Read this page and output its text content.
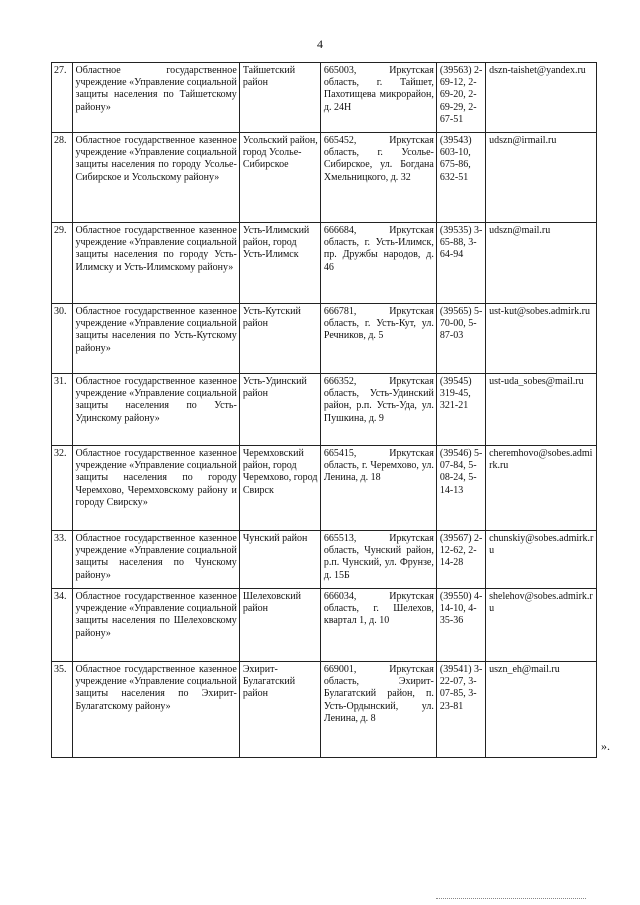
4
27.	Областное государственное учреждение «Управление социальной защиты населения по Тайшетскому району»	Тайшетский район	665003, Иркутская область, г. Тайшет, Пахотищева микрорайон, д. 24Н	(39563) 2-69-12, 2-69-20, 2-69-29, 2-67-51	dszn-taishet@yandex.ru
28.	Областное государственное казенное учреждение «Управление социальной защиты населения по городу Усолье-Сибирское и Усольскому району»	Усольский район, город Усолье-Сибирское	665452, Иркутская область, г. Усолье-Сибирское, ул. Богдана Хмельницкого, д. 32	(39543) 603-10, 675-86, 632-51	udszn@irmail.ru
29.	Областное государственное казенное учреждение «Управление социальной защиты населения по городу Усть-Илимску и Усть-Илимскому району»	Усть-Илимский район, город Усть-Илимск	666684, Иркутская область, г. Усть-Илимск, пр. Дружбы народов, д. 46	(39535) 3-65-88, 3-64-94	udszn@mail.ru
30.	Областное государственное казенное учреждение «Управление социальной защиты населения по Усть-Кутскому району»	Усть-Кутский район	666781, Иркутская область, г. Усть-Кут, ул. Речников, д. 5	(39565) 5-70-00, 5-87-03	ust-kut@sobes.admirk.ru
31.	Областное государственное казенное учреждение «Управление социальной защиты населения по Усть-Удинскому району»	Усть-Удинский район	666352, Иркутская область, Усть-Удинский район, р.п. Усть-Уда, ул. Пушкина, д. 9	(39545) 319-45, 321-21	ust-uda_sobes@mail.ru
32.	Областное государственное казенное учреждение «Управление социальной защиты населения по городу Черемхово, Черемховскому району и городу Свирску»	Черемховский район, город Черемхово, город Свирск	665415, Иркутская область, г. Черемхово, ул. Ленина, д. 18	(39546) 5-07-84, 5-08-24, 5-14-13	cheremhovo@sobes.admirk.ru
33.	Областное государственное казенное учреждение «Управление социальной защиты населения по Чунскому району»	Чунский район	665513, Иркутская область, Чунский район, р.п. Чунский, ул. Фрунзе, д. 15Б	(39567) 2-12-62, 2-14-28	chunskiy@sobes.admirk.ru
34.	Областное государственное казенное учреждение «Управление социальной защиты населения по Шелеховскому району»	Шелеховский район	666034, Иркутская область, г. Шелехов, квартал 1, д. 10	(39550) 4-14-10, 4-35-36	shelehov@sobes.admirk.ru
35.	Областное государственное казенное учреждение «Управление социальной защиты населения по Эхирит-Булагатскому району»	Эхирит-Булагатский район	669001, Иркутская область, Эхирит-Булагатский район, п. Усть-Ордынский, ул. Ленина, д. 8	(39541) 3-22-07, 3-07-85, 3-23-81	uszn_eh@mail.ru
».
